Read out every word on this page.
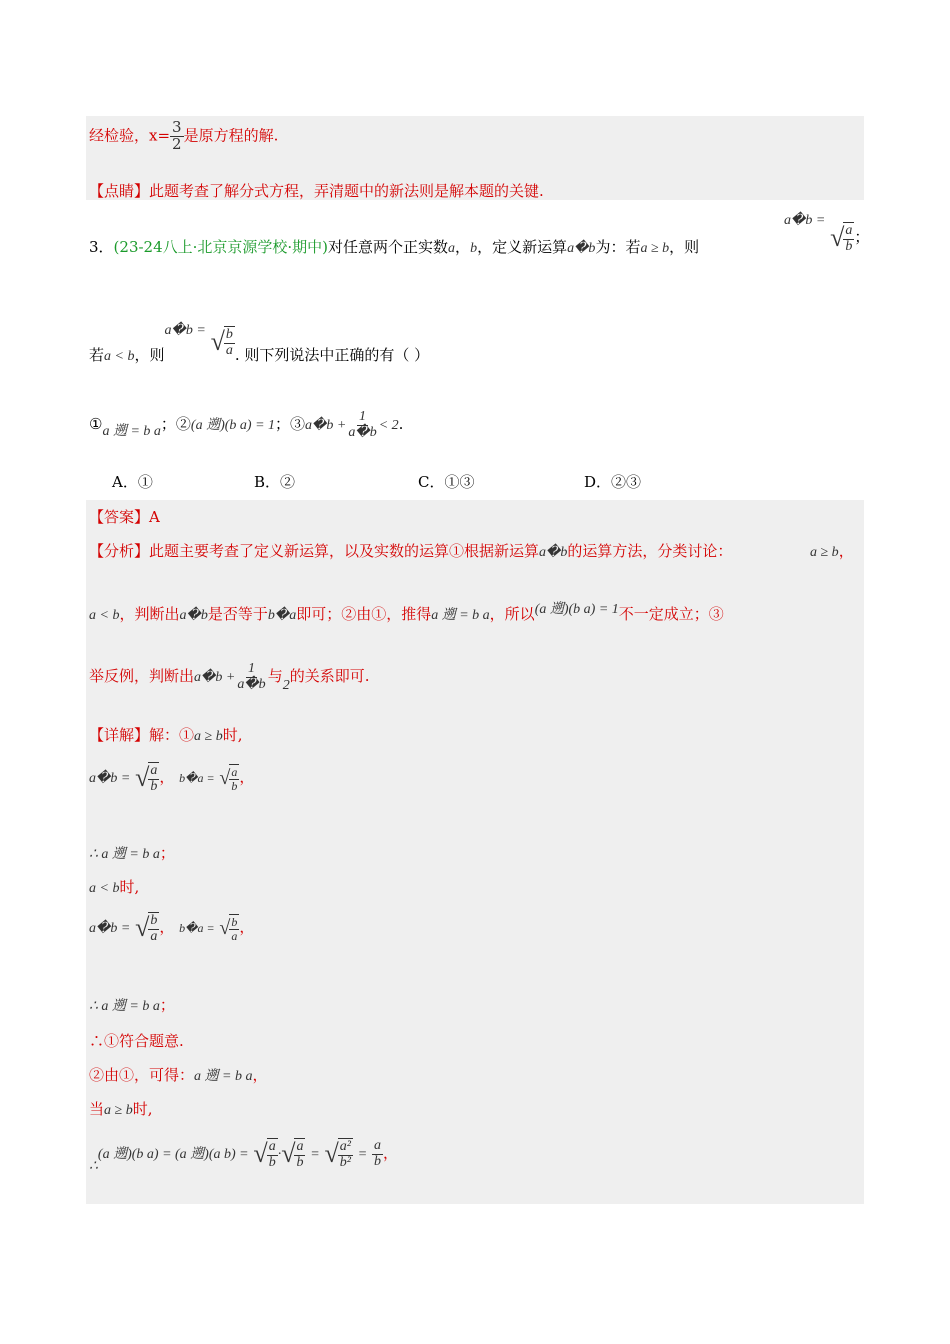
经检验，$x= \frac{3}{2}$ 是原方程的解.
【点睛】此题考查了解分式方程，弄清题中的新法则是解本题的关键.
3．(23-24八上·北京京源学校·期中)对任意两个正实数a，b，定义新运算a�b为：若a ≥ b，则
a�b =
√ $\frac{a}{b}$ ；
若a < b，则a�b = √ $\frac{b}{a}$ . 则下列说法中正确的有（ ）
①a 遡 = b a；②(a 遡)(b a) = 1；③a�b + $\frac{1}{a�b} < 2$.
A．①	B．②	C．①③	D．②③
【答案】A
【分析】此题主要考查了定义新运算，以及实数的运算①根据新运算a�b的运算方法，分类讨论：	a ≥ b，
a < b，判断出a�b是否等于b�a即可；②由①，推得a 遡 = b a，所以(a 遡)(b a) = 1不一定成立；③
举反例，判断出a�b + $\frac{1}{a�b}$ 与2的关系即可.
【详解】解：①a ≥ b时,
a�b = √ $\frac{a}{b}$ ， b�a = √ $\frac{a}{b}$ ，
∴ a 遡 = b a；
a < b时,
a�b = √ $\frac{b}{a}$ ， b�a = √ $\frac{b}{a}$ ，
∴ a 遡 = b a；
∴①符合题意.
②由①，可得：a 遡 = b a，
当a ≥ b时,
∴(a 遡)(b a) = (a 遡)(a b) = √ $\frac{a}{b}$ · √ $\frac{a}{b}$ = √ $\frac{\text{a²}}{\text{b²}} = \frac{a}{b}$ ，
